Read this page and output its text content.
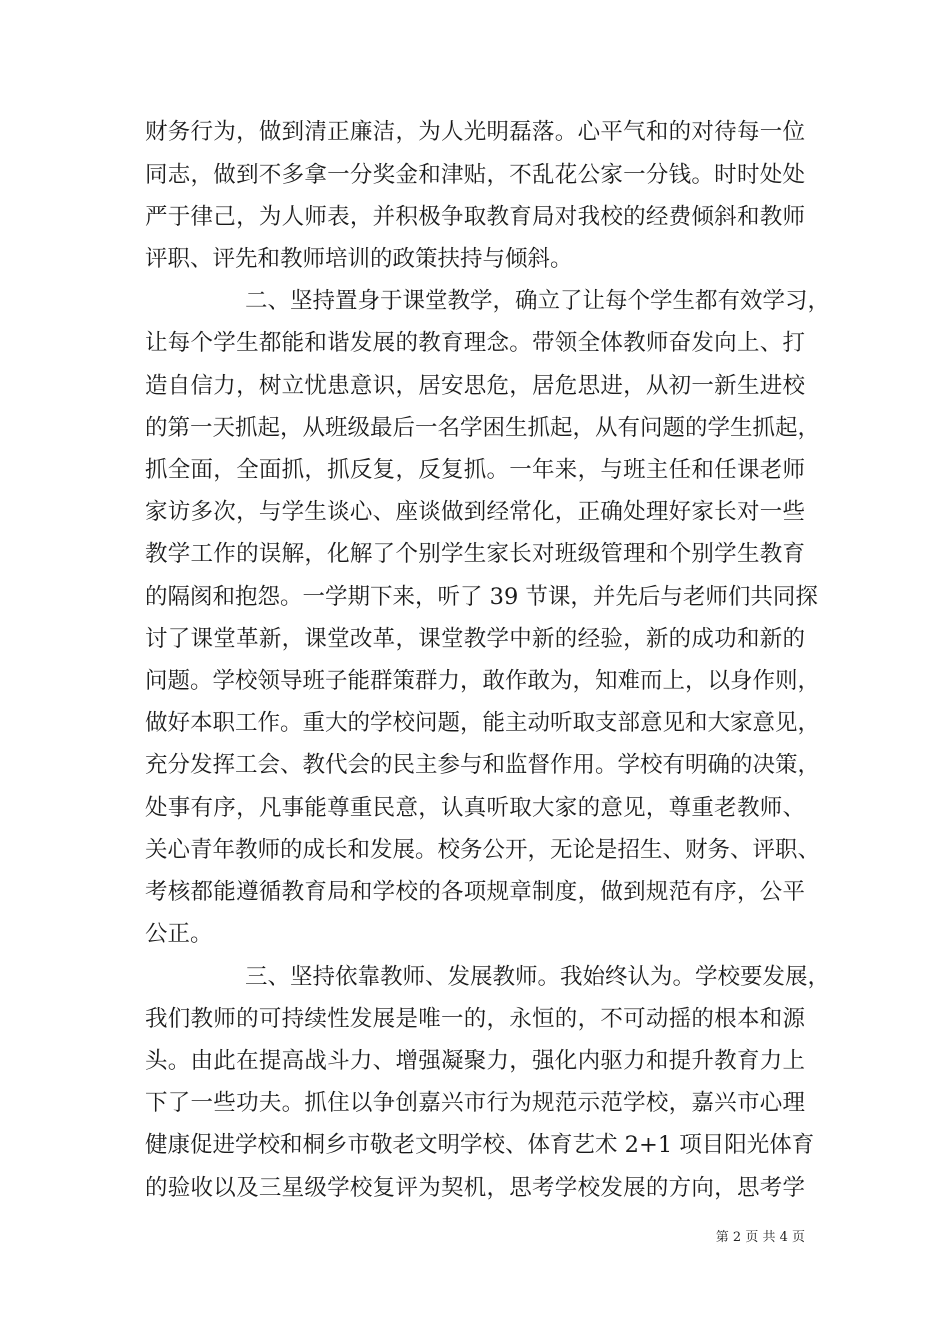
财务行为，做到清正廉洁，为人光明磊落。心平气和的对待每一位
同志，做到不多拿一分奖金和津贴，不乱花公家一分钱。时时处处
严于律己，为人师表，并积极争取教育局对我校的经费倾斜和教师
评职、评先和教师培训的政策扶持与倾斜。
二、坚持置身于课堂教学，确立了让每个学生都有效学习，
让每个学生都能和谐发展的教育理念。带领全体教师奋发向上、打
造自信力，树立忧患意识，居安思危，居危思进，从初一新生进校
的第一天抓起，从班级最后一名学困生抓起，从有问题的学生抓起，
抓全面，全面抓，抓反复，反复抓。一年来，与班主任和任课老师
家访多次，与学生谈心、座谈做到经常化，正确处理好家长对一些
教学工作的误解，化解了个别学生家长对班级管理和个别学生教育
的隔阂和抱怨。一学期下来，听了 39 节课，并先后与老师们共同探
讨了课堂革新，课堂改革，课堂教学中新的经验，新的成功和新的
问题。学校领导班子能群策群力，敢作敢为，知难而上，以身作则，
做好本职工作。重大的学校问题，能主动听取支部意见和大家意见，
充分发挥工会、教代会的民主参与和监督作用。学校有明确的决策，
处事有序，凡事能尊重民意，认真听取大家的意见，尊重老教师、
关心青年教师的成长和发展。校务公开，无论是招生、财务、评职、
考核都能遵循教育局和学校的各项规章制度，做到规范有序，公平
公正。
三、坚持依靠教师、发展教师。我始终认为。学校要发展，
我们教师的可持续性发展是唯一的，永恒的，不可动摇的根本和源
头。由此在提高战斗力、增强凝聚力，强化内驱力和提升教育力上
下了一些功夫。抓住以争创嘉兴市行为规范示范学校，嘉兴市心理
健康促进学校和桐乡市敬老文明学校、体育艺术 2+1 项目阳光体育
的验收以及三星级学校复评为契机，思考学校发展的方向，思考学
第 2 页 共 4 页
